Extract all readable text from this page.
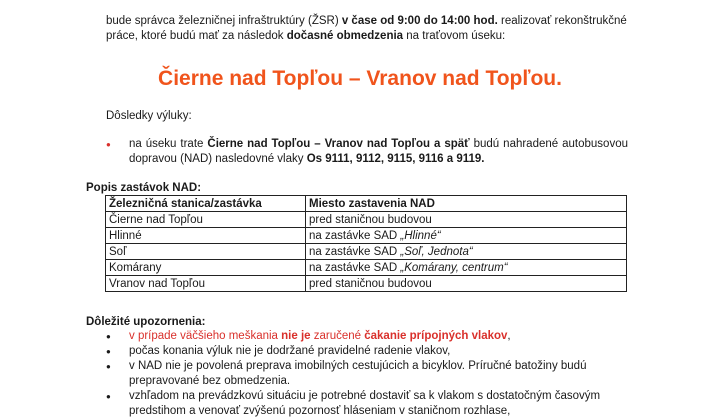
bude správca železničnej infraštruktúry (ŽSR) v čase od 9:00 do 14:00 hod. realizovať rekonštrukčné
práce, ktoré budú mať za následok dočasné obmedzenia na traťovom úseku:

Čierne nad Topľou – Vranov nad Topľou.

Dôsledky výluky:

● na úseku trate Čierne nad Topľou – Vranov nad Topľou a späť budú nahradené autobusovou dopravou (NAD) nasledovné vlaky Os 9111, 9112, 9115, 9116 a 9119.

Popis zastávok NAD:

Železničná stanica/zastávka	Miesto zastavenia NAD
Čierne nad Topľou	pred staničnou budovou
Hlinné	na zastávke SAD „Hlinné“
Soľ	na zastávke SAD „Soľ, Jednota“
Komárany	na zastávke SAD „Komárany, centrum“
Vranov nad Topľou	pred staničnou budovou

Dôležité upozornenia:

● v prípade väčšieho meškania nie je zaručené čakanie prípojných vlakov,
● počas konania výluk nie je dodržané pravidelné radenie vlakov,
● v NAD nie je povolená preprava imobilných cestujúcich a bicyklov. Príručné batožiny budú prepravované bez obmedzenia.
● vzhľadom na prevádzkovú situáciu je potrebné dostaviť sa k vlakom s dostatočným časovým predstihom a venovať zvýšenú pozornosť hláseniam v staničnom rozhlase,
